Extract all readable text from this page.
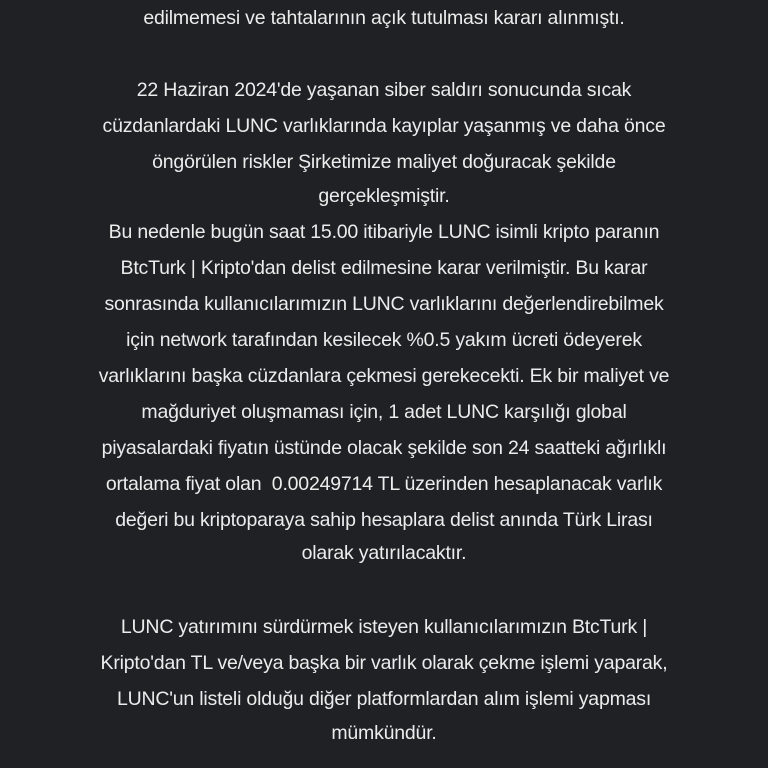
edilmemesi ve tahtalarının açık tutulması kararı alınmıştı.
22 Haziran 2024'de yaşanan siber saldırı sonucunda sıcak
cüzdanlardaki LUNC varlıklarında kayıplar yaşanmış ve daha önce
öngörülen riskler Şirketimize maliyet doğuracak şekilde
gerçekleşmiştir.
Bu nedenle bugün saat 15.00 itibariyle LUNC isimli kripto paranın
BtcTurk | Kripto'dan delist edilmesine karar verilmiştir. Bu karar
sonrasında kullanıcılarımızın LUNC varlıklarını değerlendirebilmek
için network tarafından kesilecek %0.5 yakım ücreti ödeyerek
varlıklarını başka cüzdanlara çekmesi gerekecekti. Ek bir maliyet ve
mağduriyet oluşmaması için, 1 adet LUNC karşılığı global
piyasalardaki fiyatın üstünde olacak şekilde son 24 saatteki ağırlıklı
ortalama fiyat olan  0.00249714 TL üzerinden hesaplanacak varlık
değeri bu kriptoparaya sahip hesaplara delist anında Türk Lirası
olarak yatırılacaktır.
LUNC yatırımını sürdürmek isteyen kullanıcılarımızın BtcTurk |
Kripto'dan TL ve/veya başka bir varlık olarak çekme işlemi yaparak,
LUNC'un listeli olduğu diğer platformlardan alım işlemi yapması
mümkündür.
